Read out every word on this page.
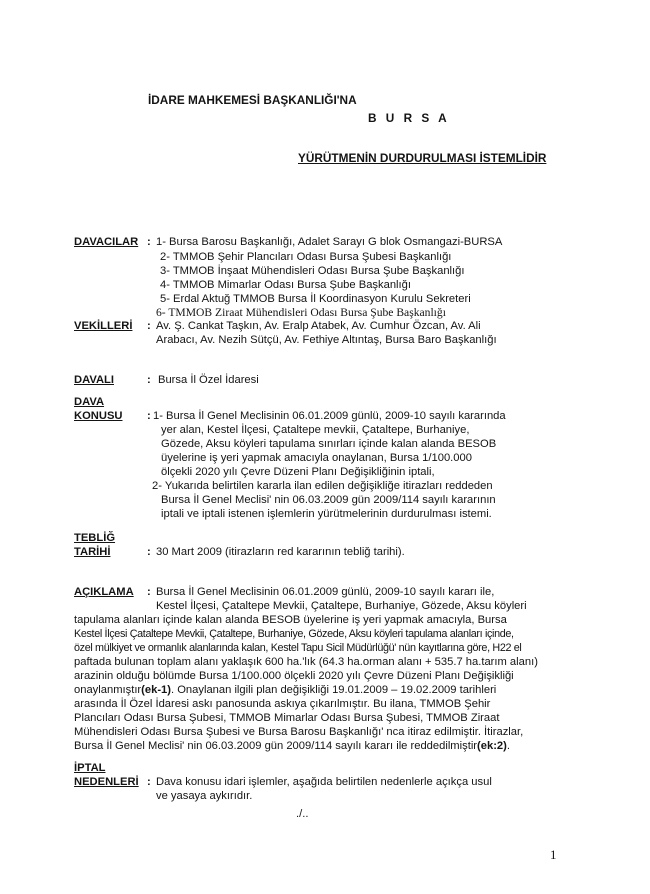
İDARE MAHKEMESİ BAŞKANLIĞI'NA
B U R S A
YÜRÜTMENİN DURDURULMASI İSTEMLİDİR
DAVACILAR : 1- Bursa Barosu Başkanlığı, Adalet Sarayı G blok Osmangazi-BURSA
2- TMMOB Şehir Plancıları Odası Bursa Şubesi Başkanlığı
3- TMMOB İnşaat Mühendisleri Odası Bursa Şube Başkanlığı
4- TMMOB Mimarlar Odası Bursa Şube Başkanlığı
5- Erdal Aktuğ TMMOB Bursa İl Koordinasyon Kurulu Sekreteri
6- TMMOB Ziraat Mühendisleri Odası Bursa Şube Başkanlığı
VEKİLLERİ : Av. Ş. Cankat Taşkın, Av. Eralp Atabek, Av. Cumhur Özcan, Av. Ali
Arabacı, Av. Nezih Sütçü, Av. Fethiye Altıntaş, Bursa Baro Başkanlığı
DAVALI	: Bursa İl Özel İdaresi
DAVA
KONUSU	: 1- Bursa İl Genel Meclisinin 06.01.2009 günlü, 2009-10 sayılı kararında
yer alan, Kestel İlçesi, Çataltepe mevkii, Çataltepe, Burhaniye,
Gözede, Aksu köyleri tapulama sınırları içinde kalan alanda BESOB
üyelerine iş yeri yapmak amacıyla onaylanan, Bursa 1/100.000
ölçekli 2020 yılı Çevre Düzeni Planı Değişikliğinin iptali,
2- Yukarıda belirtilen kararla ilan edilen değişikliğe itirazları reddeden
Bursa İl Genel Meclisi' nin 06.03.2009 gün 2009/114 sayılı kararının
iptali ve iptali istenen işlemlerin yürütmelerinin durdurulması istemi.
TEBLİĞ
TARİHİ	: 30 Mart 2009 (itirazların red kararının tebliğ tarihi).
AÇIKLAMA	: Bursa İl Genel Meclisinin 06.01.2009 günlü, 2009-10 sayılı kararı ile,
Kestel İlçesi, Çataltepe Mevkii, Çataltepe, Burhaniye, Gözede, Aksu köyleri
tapulama alanları içinde kalan alanda BESOB üyelerine iş yeri yapmak amacıyla, Bursa
Kestel İlçesi Çataltepe Mevkii, Çataltepe, Burhaniye, Gözede, Aksu köyleri tapulama alanları içinde,
özel mülkiyet ve ormanlık alanlarında kalan, Kestel Tapu Sicil Müdürlüğü' nün kayıtlarına göre, H22 el
paftada bulunan toplam alanı yaklaşık 600 ha.'lık (64.3 ha.orman alanı + 535.7 ha.tarım alanı)
arazinin olduğu bölümde Bursa 1/100.000 ölçekli 2020 yılı Çevre Düzeni Planı Değişikliği
onaylanmıştır(ek-1). Onaylanan ilgili plan değişikliği 19.01.2009 – 19.02.2009 tarihleri
arasında İl Özel İdaresi askı panosunda askıya çıkarılmıştır. Bu ilana, TMMOB Şehir
Plancıları Odası Bursa Şubesi, TMMOB Mimarlar Odası Bursa Şubesi, TMMOB Ziraat
Mühendisleri Odası Bursa Şubesi ve Bursa Barosu Başkanlığı' nca itiraz edilmiştir. İtirazlar,
Bursa İl Genel Meclisi' nin 06.03.2009 gün 2009/114 sayılı kararı ile reddedilmiştir(ek:2).
İPTAL
NEDENLERİ : Dava konusu idari işlemler, aşağıda belirtilen nedenlerle açıkça usul
ve yasaya aykırıdır.
./..
1
